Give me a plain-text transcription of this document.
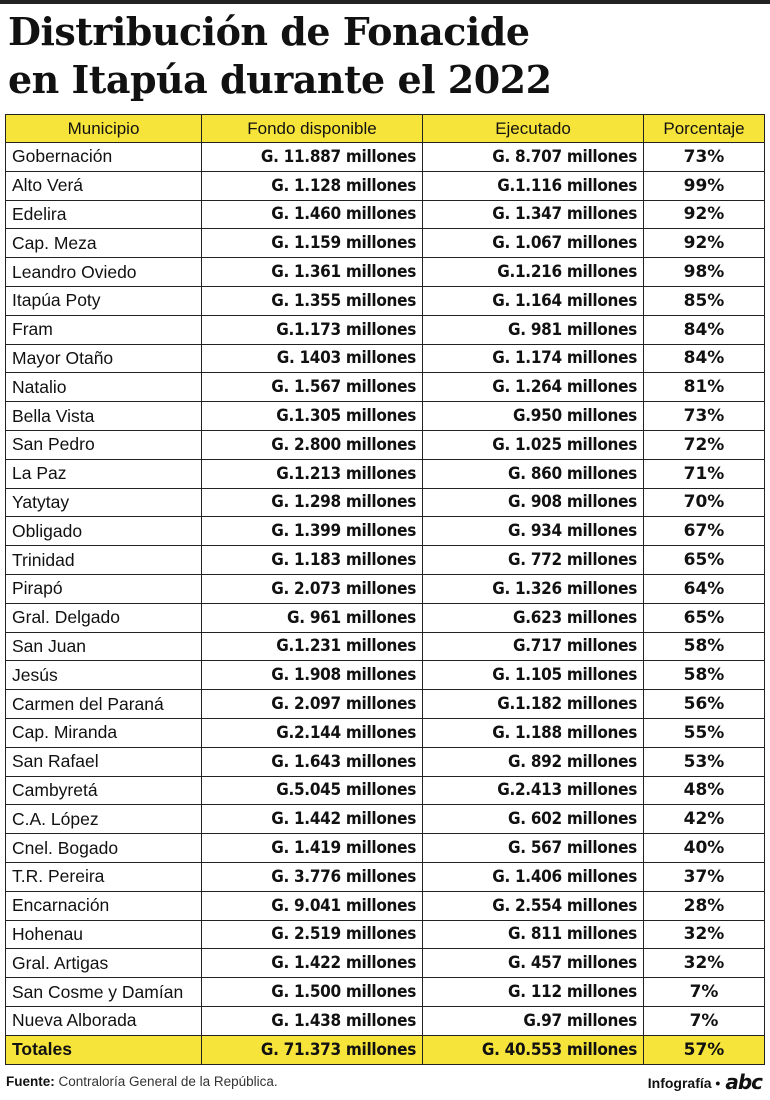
Distribución de Fonacide
en Itapúa durante el 2022
Municipio	Fondo disponible	Ejecutado	Porcentaje
Gobernación	G. 11.887 millones	G. 8.707 millones	73%
Alto Verá	G. 1.128 millones	G.1.116 millones	99%
Edelira	G. 1.460 millones	G. 1.347 millones	92%
Cap. Meza	G. 1.159 millones	G. 1.067 millones	92%
Leandro Oviedo	G. 1.361 millones	G.1.216 millones	98%
Itapúa Poty	G. 1.355 millones	G. 1.164 millones	85%
Fram	G.1.173 millones	G. 981 millones	84%
Mayor Otaño	G. 1403 millones	G. 1.174 millones	84%
Natalio	G. 1.567 millones	G. 1.264 millones	81%
Bella Vista	G.1.305 millones	G.950 millones	73%
San Pedro	G. 2.800 millones	G. 1.025 millones	72%
La Paz	G.1.213 millones	G. 860 millones	71%
Yatytay	G. 1.298 millones	G. 908 millones	70%
Obligado	G. 1.399 millones	G. 934 millones	67%
Trinidad	G. 1.183 millones	G. 772 millones	65%
Pirapó	G. 2.073 millones	G. 1.326 millones	64%
Gral. Delgado	G. 961 millones	G.623 millones	65%
San Juan	G.1.231 millones	G.717 millones	58%
Jesús	G. 1.908 millones	G. 1.105 millones	58%
Carmen del Paraná	G. 2.097 millones	G.1.182 millones	56%
Cap. Miranda	G.2.144 millones	G. 1.188 millones	55%
San Rafael	G. 1.643 millones	G. 892 millones	53%
Cambyretá	G.5.045 millones	G.2.413 millones	48%
C.A. López	G. 1.442 millones	G. 602 millones	42%
Cnel. Bogado	G. 1.419 millones	G. 567 millones	40%
T.R. Pereira	G. 3.776 millones	G. 1.406 millones	37%
Encarnación	G. 9.041 millones	G. 2.554 millones	28%
Hohenau	G. 2.519 millones	G. 811 millones	32%
Gral. Artigas	G. 1.422 millones	G. 457 millones	32%
San Cosme y Damían	G. 1.500 millones	G. 112 millones	7%
Nueva Alborada	G. 1.438 millones	G.97 millones	7%
Totales	G. 71.373 millones	G. 40.553 millones	57%
Fuente: Contraloría General de la República.	Infografía • abc
